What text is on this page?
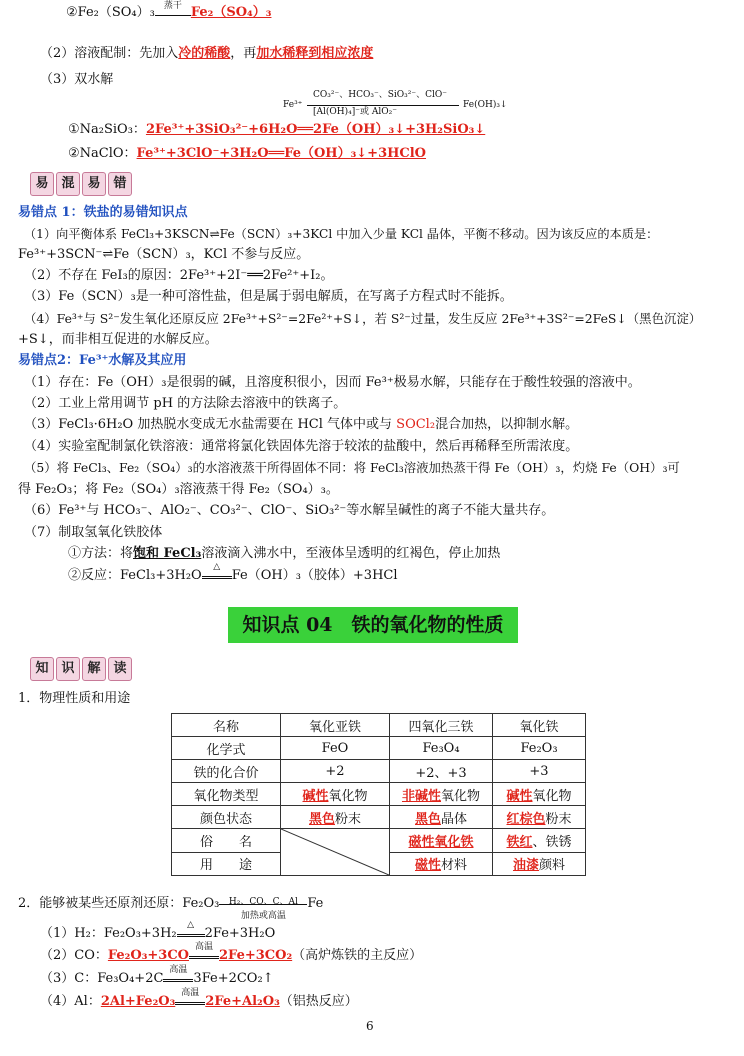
②Fe₂（SO₄）₃ 蒸干 Fe₂（SO₄）₃
（2）溶液配制：先加入冷的稀酸，再加水稀释到相应浓度
（3）双水解
Fe³⁺
CO₃²⁻、HCO₃⁻、SiO₃²⁻、ClO⁻
[Al(OH)₄]⁻或 AlO₂⁻
Fe(OH)₃↓
①Na₂SiO₃：2Fe³⁺+3SiO₃²⁻+6H₂O══2Fe（OH）₃↓+3H₂SiO₃↓
②NaClO：Fe³⁺+3ClO⁻+3H₂O══Fe（OH）₃↓+3HClO
易 混 易 错
易错点 1：铁盐的易错知识点
（1）向平衡体系 FeCl₃+3KSCN⇌Fe（SCN）₃+3KCl 中加入少量 KCl 晶体，平衡不移动。因为该反应的本质是：
Fe³⁺+3SCN⁻⇌Fe（SCN）₃，KCl 不参与反应。
（2）不存在 FeI₃的原因：2Fe³⁺+2I⁻══2Fe²⁺+I₂。
（3）Fe（SCN）₃是一种可溶性盐，但是属于弱电解质，在写离子方程式时不能拆。
（4）Fe³⁺与 S²⁻发生氧化还原反应 2Fe³⁺+S²⁻=2Fe²⁺+S↓，若 S²⁻过量，发生反应 2Fe³⁺+3S²⁻=2FeS↓（黑色沉淀）
+S↓，而非相互促进的水解反应。
易错点2：Fe³⁺水解及其应用
（1）存在：Fe（OH）₃是很弱的碱，且溶度积很小，因而 Fe³⁺极易水解，只能存在于酸性较强的溶液中。
（2）工业上常用调节 pH 的方法除去溶液中的铁离子。
（3）FeCl₃·6H₂O 加热脱水变成无水盐需要在 HCl 气体中或与 SOCl₂混合加热，以抑制水解。
（4）实验室配制氯化铁溶液：通常将氯化铁固体先溶于较浓的盐酸中，然后再稀释至所需浓度。
（5）将 FeCl₃、Fe₂（SO₄）₃的水溶液蒸干所得固体不同：将 FeCl₃溶液加热蒸干得 Fe（OH）₃，灼烧 Fe（OH）₃可
得 Fe₂O₃；将 Fe₂（SO₄）₃溶液蒸干得 Fe₂（SO₄）₃。
（6）Fe³⁺与 HCO₃⁻、AlO₂⁻、CO₃²⁻、ClO⁻、SiO₃²⁻等水解呈碱性的离子不能大量共存。
（7）制取氢氧化铁胶体
①方法：将饱和 FeCl₃溶液滴入沸水中，至液体呈透明的红褐色，停止加热
②反应：FeCl₃+3H₂O
△
Fe（OH）₃（胶体）+3HCl
知识点 04　铁的氧化物的性质
知 识 解 读
1．物理性质和用途
名称	氧化亚铁	四氧化三铁	氧化铁
化学式	FeO	Fe₃O₄	Fe₂O₃
铁的化合价	+2	+2、+3	+3
氧化物类型	碱性氧化物	非碱性氧化物	碱性氧化物
颜色状态	黑色粉末	黑色晶体	红棕色粉末
俗　　名		磁性氧化铁	铁红、铁锈
用　　途		磁性材料	油漆颜料
2．能够被某些还原剂还原：Fe₂O₃	H₂、CO、C、Al
加热或高温
Fe
（1）H₂：Fe₂O₃+3H₂
△
2Fe+3H₂O
（2）CO：Fe₂O₃+3CO
高温
2Fe+3CO₂（高炉炼铁的主反应）
（3）C：Fe₃O₄+2C
高温
3Fe+2CO₂↑
（4）Al：2Al+Fe₂O₃
高温
2Fe+Al₂O₃（铝热反应）
6
